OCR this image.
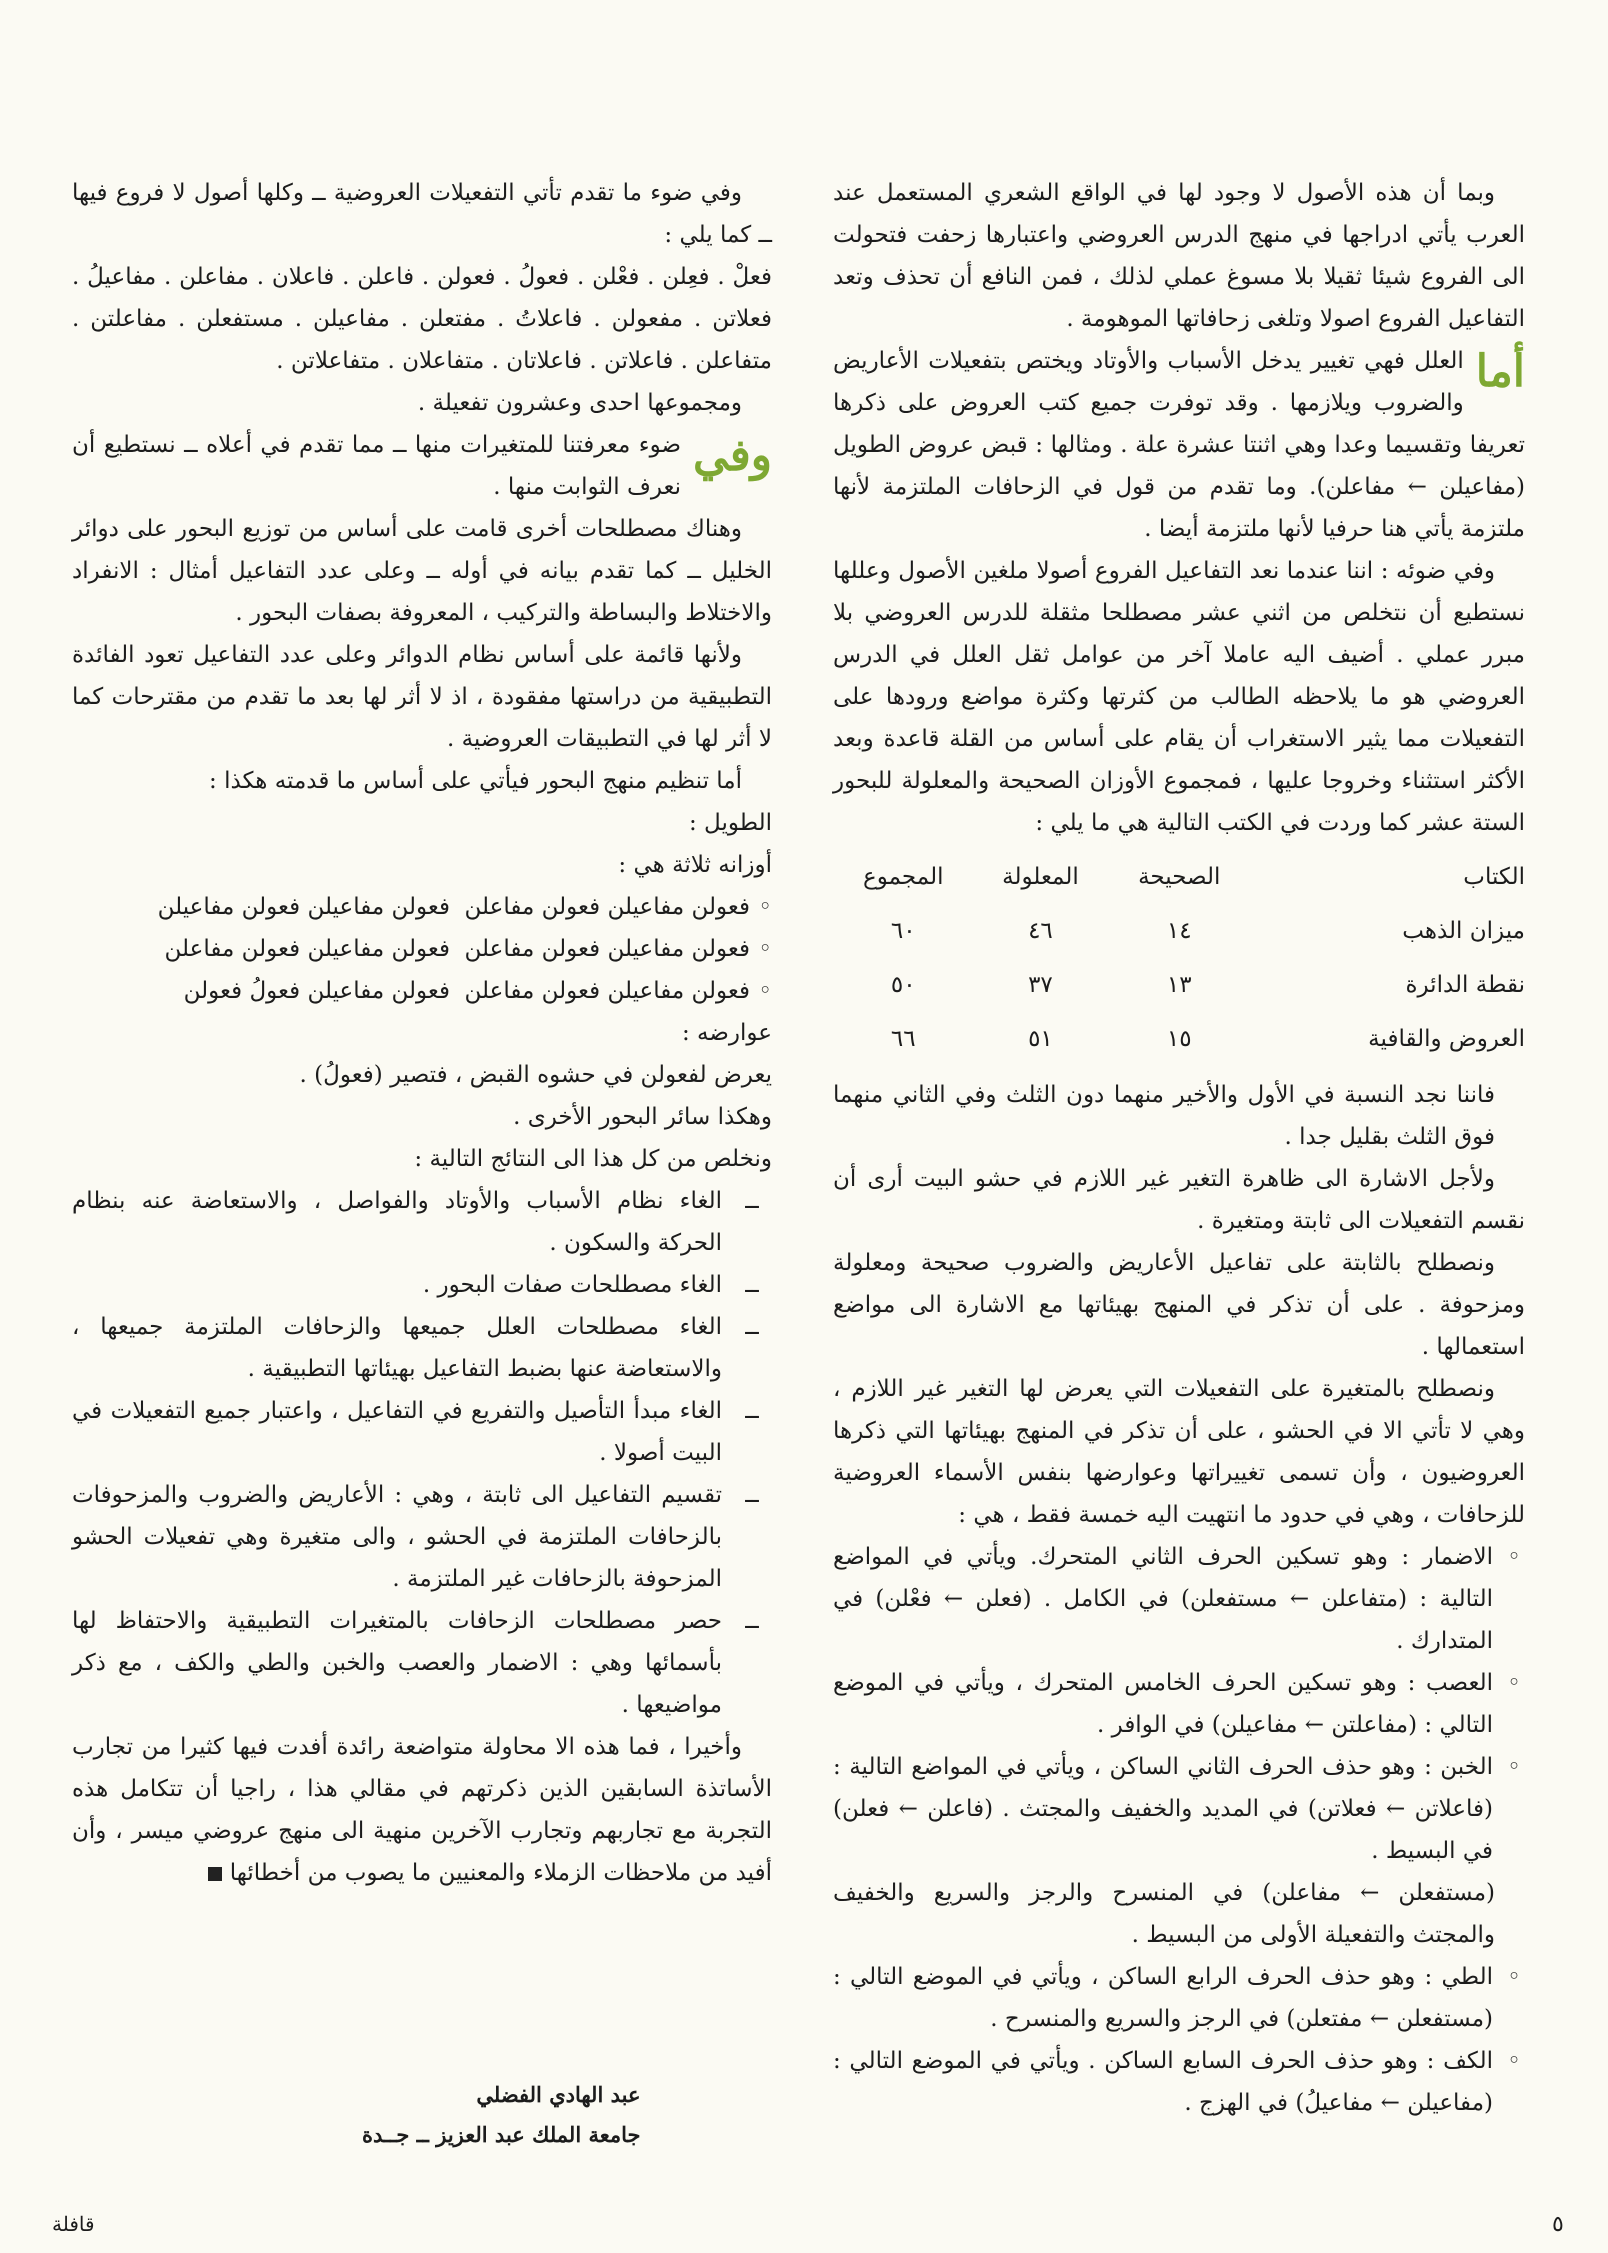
وبما أن هذه الأصول لا وجود لها في الواقع الشعري المستعمل عند العرب يأتي ادراجها في منهج الدرس العروضي واعتبارها زحفت فتحولت الى الفروع شيئا ثقيلا بلا مسوغ عملي لذلك ، فمن النافع أن تحذف وتعد التفاعيل الفروع اصولا وتلغى زحافاتها الموهومة .

أما
العلل فهي تغيير يدخل الأسباب والأوتاد ويختص بتفعيلات الأعاريض والضروب ويلازمها . وقد توفرت جميع كتب العروض على ذكرها تعريفا وتقسيما وعدا وهي اثنتا عشرة علة . ومثالها : قبض عروض الطويل (مفاعيلن ← مفاعلن). وما تقدم من قول في الزحافات الملتزمة لأنها ملتزمة يأتي هنا حرفيا لأنها ملتزمة أيضا .

وفي ضوئه : اننا عندما نعد التفاعيل الفروع أصولا ملغين الأصول وعللها نستطيع أن نتخلص من اثني عشر مصطلحا مثقلة للدرس العروضي بلا مبرر عملي . أضيف اليه عاملا آخر من عوامل ثقل العلل في الدرس العروضي هو ما يلاحظه الطالب من كثرتها وكثرة مواضع ورودها على التفعيلات مما يثير الاستغراب أن يقام على أساس من القلة قاعدة وبعد الأكثر استثناء وخروجا عليها ، فمجموع الأوزان الصحيحة والمعلولة للبحور الستة عشر كما وردت في الكتب التالية هي ما يلي :

الكتاب	الصحيحة	المعلولة	المجموع
ميزان الذهب	١٤	٤٦	٦٠
نقطة الدائرة	١٣	٣٧	٥٠
العروض والقافية	١٥	٥١	٦٦

فاننا نجد النسبة في الأول والأخير منهما دون الثلث وفي الثاني منهما فوق الثلث بقليل جدا .

ولأجل الاشارة الى ظاهرة التغير غير اللازم في حشو البيت أرى أن نقسم التفعيلات الى ثابتة ومتغيرة .

ونصطلح بالثابتة على تفاعيل الأعاريض والضروب صحيحة ومعلولة ومزحوفة . على أن تذكر في المنهج بهيئاتها مع الاشارة الى مواضع استعمالها .

ونصطلح بالمتغيرة على التفعيلات التي يعرض لها التغير غير اللازم ، وهي لا تأتي الا في الحشو ، على أن تذكر في المنهج بهيئاتها التي ذكرها العروضيون ، وأن تسمى تغييراتها وعوارضها بنفس الأسماء العروضية للزحافات ، وهي في حدود ما انتهيت اليه خمسة فقط ، هي :

◦
الاضمار : وهو تسكين الحرف الثاني المتحرك. ويأتي في المواضع التالية : (متفاعلن ← مستفعلن) في الكامل . (فعلن ← فعْلن) في المتدارك .
◦
العصب : وهو تسكين الحرف الخامس المتحرك ، ويأتي في الموضع التالي : (مفاعلتن ← مفاعيلن) في الوافر .
◦
الخبن : وهو حذف الحرف الثاني الساكن ، ويأتي في المواضع التالية : (فاعلاتن ← فعلاتن) في المديد والخفيف والمجتث . (فاعلن ← فعلن) في البسيط .

(مستفعلن ← مفاعلن) في المنسرح والرجز والسريع والخفيف والمجتث والتفعيلة الأولى من البسيط .

◦
الطي : وهو حذف الحرف الرابع الساكن ، ويأتي في الموضع التالي : (مستفعلن ← مفتعلن) في الرجز والسريع والمنسرح .
◦
الكف : وهو حذف الحرف السابع الساكن . ويأتي في الموضع التالي : (مفاعيلن ← مفاعيلُ) في الهزج .

وفي ضوء ما تقدم تأتي التفعيلات العروضية ــ وكلها أصول لا فروع فيها ــ كما يلي :

فعلْ . فعِلن . فعْلن . فعولُ . فعولن . فاعلن . فاعلان . مفاعلن . مفاعيلُ . فعلاتن . مفعولن . فاعلاتُ . مفتعلن . مفاعيلن . مستفعلن . مفاعلتن . متفاعلن . فاعلاتن . فاعلاتان . متفاعلان . متفاعلاتن .

ومجموعها احدى وعشرون تفعيلة .

وفي
ضوء معرفتنا للمتغيرات منها ــ مما تقدم في أعلاه ــ نستطيع أن نعرف الثوابت منها .

وهناك مصطلحات أخرى قامت على أساس من توزيع البحور على دوائر الخليل ــ كما تقدم بيانه في أوله ــ وعلى عدد التفاعيل أمثال : الانفراد والاختلاط والبساطة والتركيب ، المعروفة بصفات البحور .

ولأنها قائمة على أساس نظام الدوائر وعلى عدد التفاعيل تعود الفائدة التطبيقية من دراستها مفقودة ، اذ لا أثر لها بعد ما تقدم من مقترحات كما لا أثر لها في التطبيقات العروضية .

أما تنظيم منهج البحور فيأتي على أساس ما قدمته هكذا :

الطويل :

أوزانه ثلاثة هي :

◦
فعولن مفاعيلن فعولن مفاعلن
فعولن مفاعيلن فعولن مفاعيلن
◦
فعولن مفاعيلن فعولن مفاعلن
فعولن مفاعيلن فعولن مفاعلن
◦
فعولن مفاعيلن فعولن مفاعلن
فعولن مفاعيلن فعولُ فعولن

عوارضه :

يعرض لفعولن في حشوه القبض ، فتصير (فعولُ) .

وهكذا سائر البحور الأخرى .

ونخلص من كل هذا الى النتائج التالية :

ــ
الغاء نظام الأسباب والأوتاد والفواصل ، والاستعاضة عنه بنظام الحركة والسكون .
ــ
الغاء مصطلحات صفات البحور .
ــ
الغاء مصطلحات العلل جميعها والزحافات الملتزمة جميعها ، والاستعاضة عنها بضبط التفاعيل بهيئاتها التطبيقية .
ــ
الغاء مبدأ التأصيل والتفريع في التفاعيل ، واعتبار جميع التفعيلات في البيت أصولا .
ــ
تقسيم التفاعيل الى ثابتة ، وهي : الأعاريض والضروب والمزحوفات بالزحافات الملتزمة في الحشو ، والى متغيرة وهي تفعيلات الحشو المزحوفة بالزحافات غير الملتزمة .
ــ
حصر مصطلحات الزحافات بالمتغيرات التطبيقية والاحتفاظ لها بأسمائها وهي : الاضمار والعصب والخبن والطي والكف ، مع ذكر مواضيعها .

وأخيرا ، فما هذه الا محاولة متواضعة رائدة أفدت فيها كثيرا من تجارب الأساتذة السابقين الذين ذكرتهم في مقالي هذا ، راجيا أن تتكامل هذه التجربة مع تجاربهم وتجارب الآخرين منهية الى منهج عروضي ميسر ، وأن أفيد من ملاحظات الزملاء والمعنيين ما يصوب من أخطائها

عبد الهادي الفضلي
جامعة الملك عبد العزيز ــ جــدة
٥
قافلة
